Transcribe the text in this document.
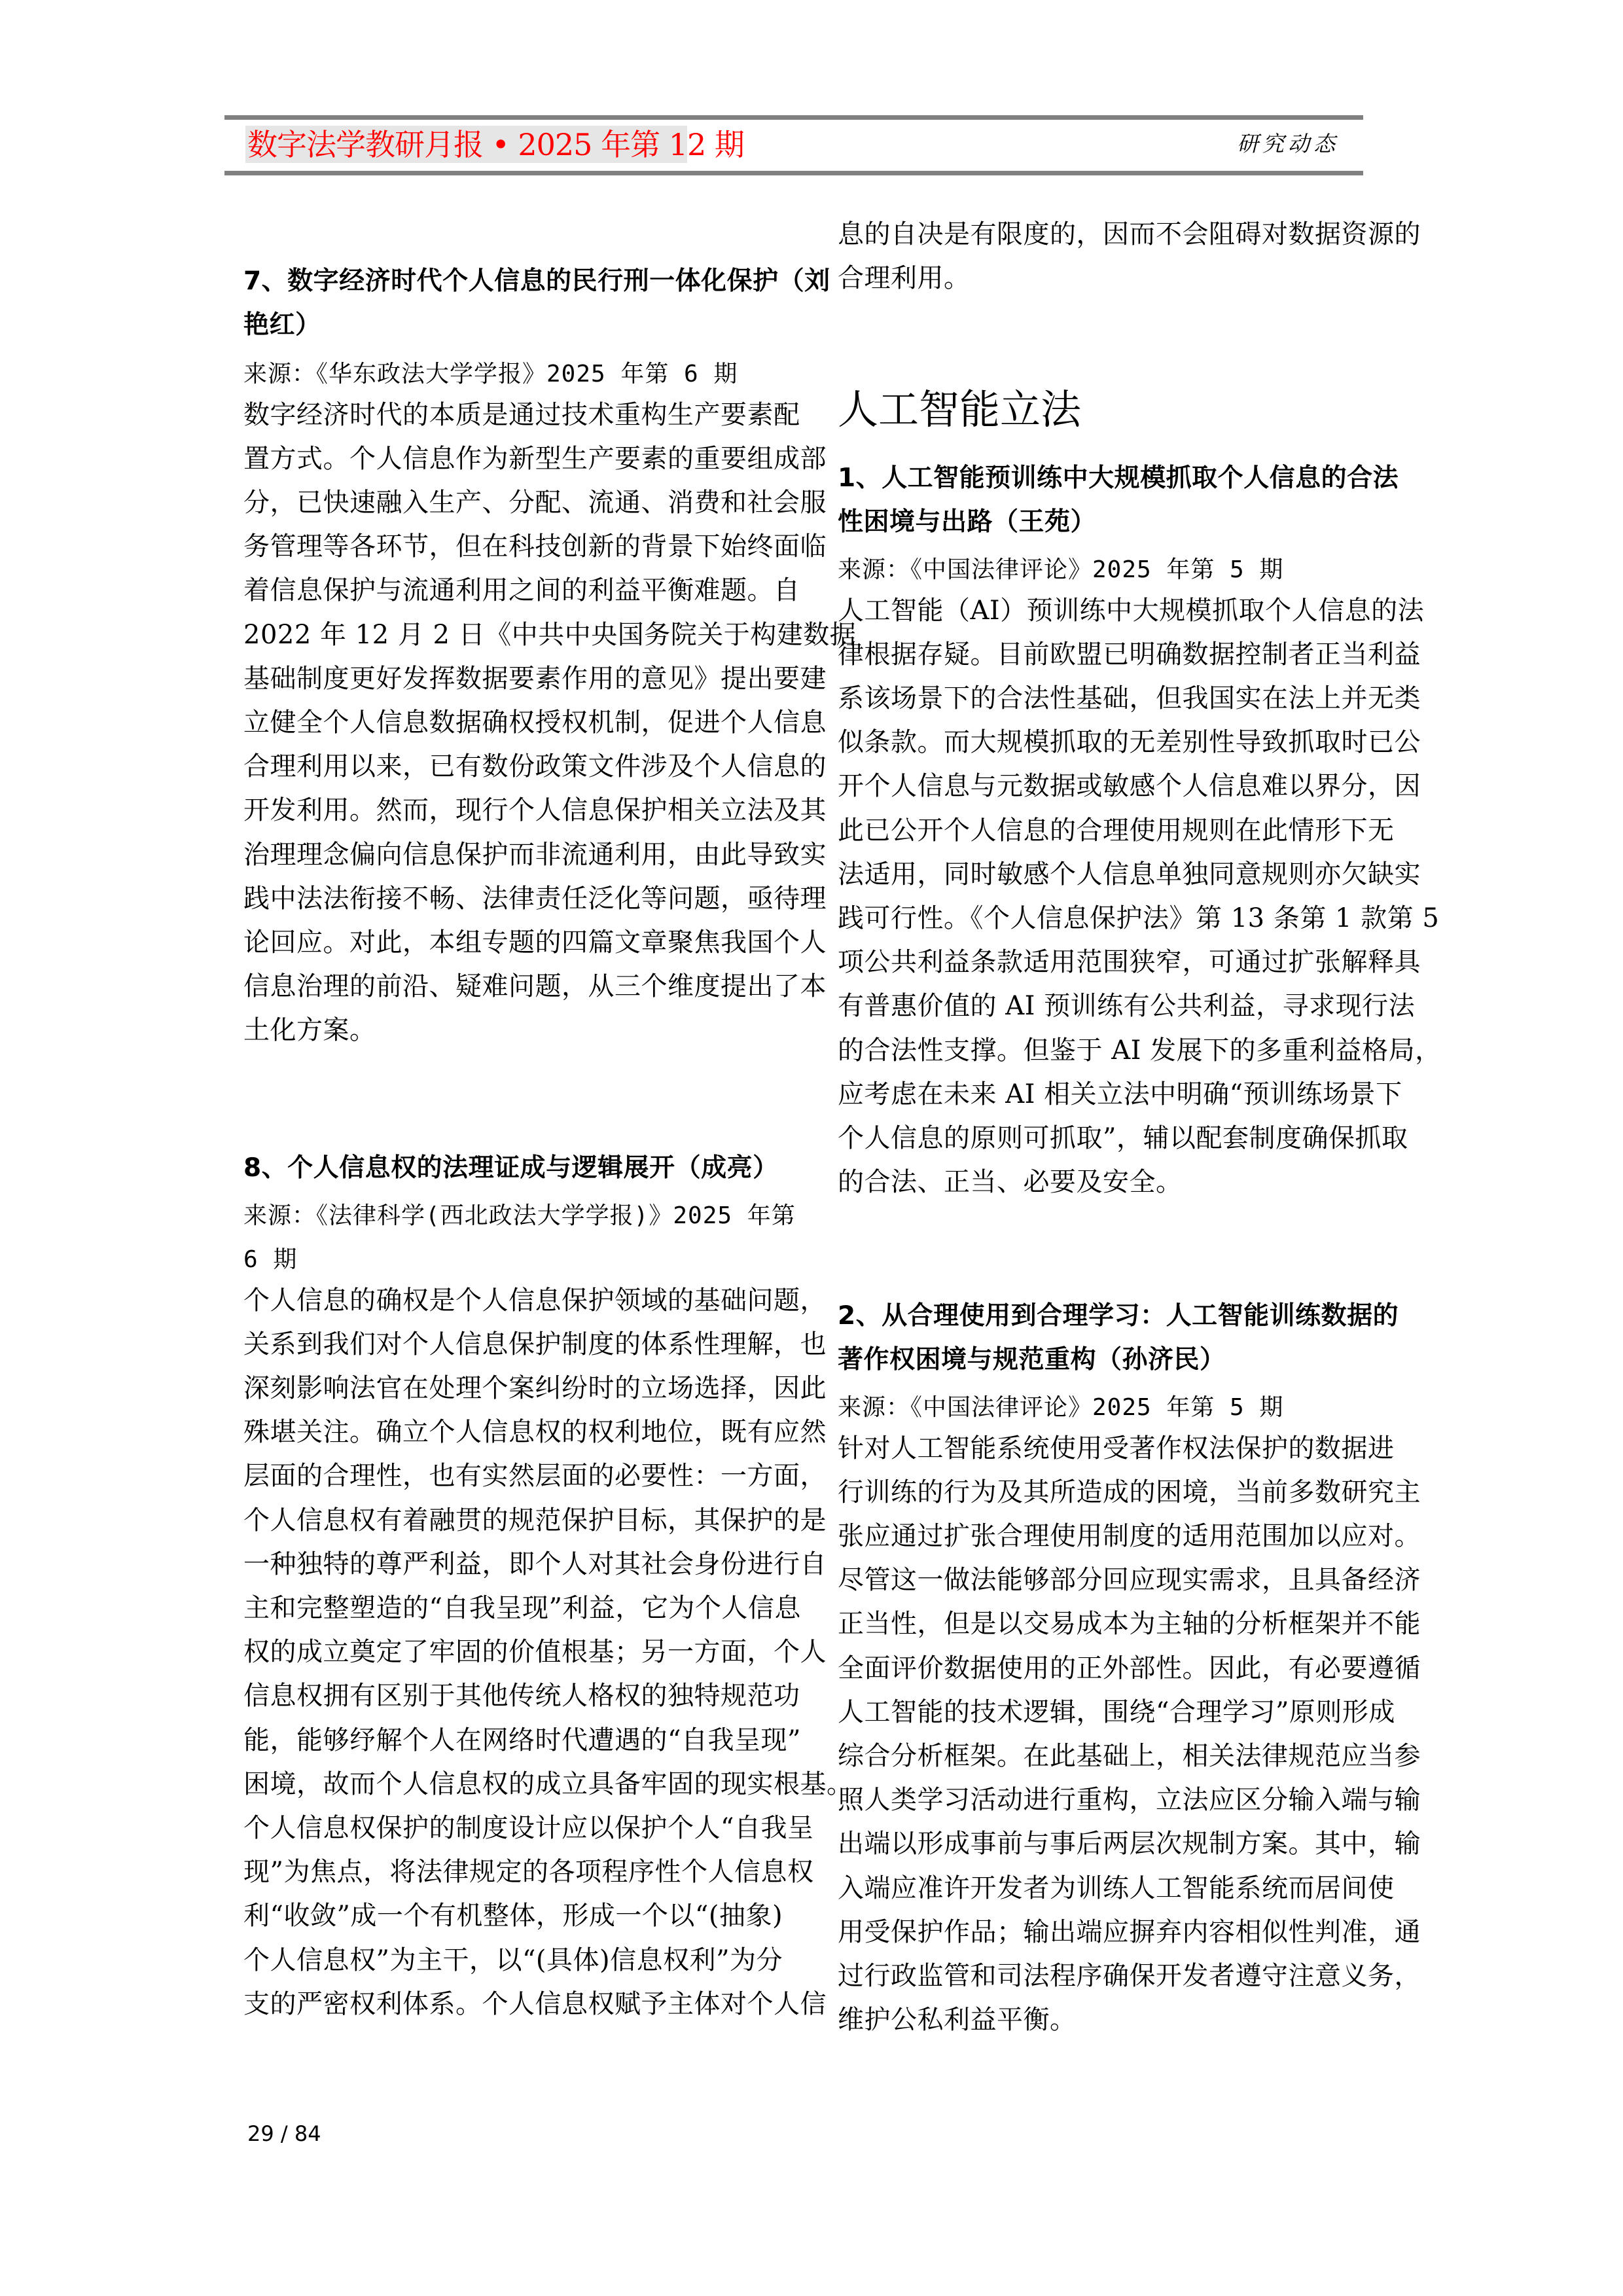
数字法学教研月报 • 2025 年第 12 期	研究动态
7、数字经济时代个人信息的民行刑一体化保护（刘
艳红）
来源：《华东政法大学学报》2025 年第 6 期
数字经济时代的本质是通过技术重构生产要素配
置方式。个人信息作为新型生产要素的重要组成部
分，已快速融入生产、分配、流通、消费和社会服
务管理等各环节，但在科技创新的背景下始终面临
着信息保护与流通利用之间的利益平衡难题。自
2022 年 12 月 2 日《中共中央国务院关于构建数据
基础制度更好发挥数据要素作用的意见》提出要建
立健全个人信息数据确权授权机制，促进个人信息
合理利用以来，已有数份政策文件涉及个人信息的
开发利用。然而，现行个人信息保护相关立法及其
治理理念偏向信息保护而非流通利用，由此导致实
践中法法衔接不畅、法律责任泛化等问题，亟待理
论回应。对此，本组专题的四篇文章聚焦我国个人
信息治理的前沿、疑难问题，从三个维度提出了本
土化方案。
8、个人信息权的法理证成与逻辑展开（成亮）
来源：《法律科学(西北政法大学学报)》2025 年第
6 期
个人信息的确权是个人信息保护领域的基础问题，
关系到我们对个人信息保护制度的体系性理解，也
深刻影响法官在处理个案纠纷时的立场选择，因此
殊堪关注。确立个人信息权的权利地位，既有应然
层面的合理性，也有实然层面的必要性：一方面，
个人信息权有着融贯的规范保护目标，其保护的是
一种独特的尊严利益，即个人对其社会身份进行自
主和完整塑造的“自我呈现”利益，它为个人信息
权的成立奠定了牢固的价值根基；另一方面，个人
信息权拥有区别于其他传统人格权的独特规范功
能，能够纾解个人在网络时代遭遇的“自我呈现”
困境，故而个人信息权的成立具备牢固的现实根基。
个人信息权保护的制度设计应以保护个人“自我呈
现”为焦点，将法律规定的各项程序性个人信息权
利“收敛”成一个有机整体，形成一个以“(抽象)
个人信息权”为主干，以“(具体)信息权利”为分
支的严密权利体系。个人信息权赋予主体对个人信
息的自决是有限度的，因而不会阻碍对数据资源的
合理利用。
人工智能立法
1、人工智能预训练中大规模抓取个人信息的合法
性困境与出路（王苑）
来源：《中国法律评论》2025 年第 5 期
人工智能（AI）预训练中大规模抓取个人信息的法
律根据存疑。目前欧盟已明确数据控制者正当利益
系该场景下的合法性基础，但我国实在法上并无类
似条款。而大规模抓取的无差别性导致抓取时已公
开个人信息与元数据或敏感个人信息难以界分，因
此已公开个人信息的合理使用规则在此情形下无
法适用，同时敏感个人信息单独同意规则亦欠缺实
践可行性。《个人信息保护法》第 13 条第 1 款第 5
项公共利益条款适用范围狭窄，可通过扩张解释具
有普惠价值的 AI 预训练有公共利益，寻求现行法
的合法性支撑。但鉴于 AI 发展下的多重利益格局，
应考虑在未来 AI 相关立法中明确“预训练场景下
个人信息的原则可抓取”，辅以配套制度确保抓取
的合法、正当、必要及安全。
2、从合理使用到合理学习：人工智能训练数据的
著作权困境与规范重构（孙济民）
来源：《中国法律评论》2025 年第 5 期
针对人工智能系统使用受著作权法保护的数据进
行训练的行为及其所造成的困境，当前多数研究主
张应通过扩张合理使用制度的适用范围加以应对。
尽管这一做法能够部分回应现实需求，且具备经济
正当性，但是以交易成本为主轴的分析框架并不能
全面评价数据使用的正外部性。因此，有必要遵循
人工智能的技术逻辑，围绕“合理学习”原则形成
综合分析框架。在此基础上，相关法律规范应当参
照人类学习活动进行重构，立法应区分输入端与输
出端以形成事前与事后两层次规制方案。其中，输
入端应准许开发者为训练人工智能系统而居间使
用受保护作品；输出端应摒弃内容相似性判准，通
过行政监管和司法程序确保开发者遵守注意义务，
维护公私利益平衡。
29 / 84
